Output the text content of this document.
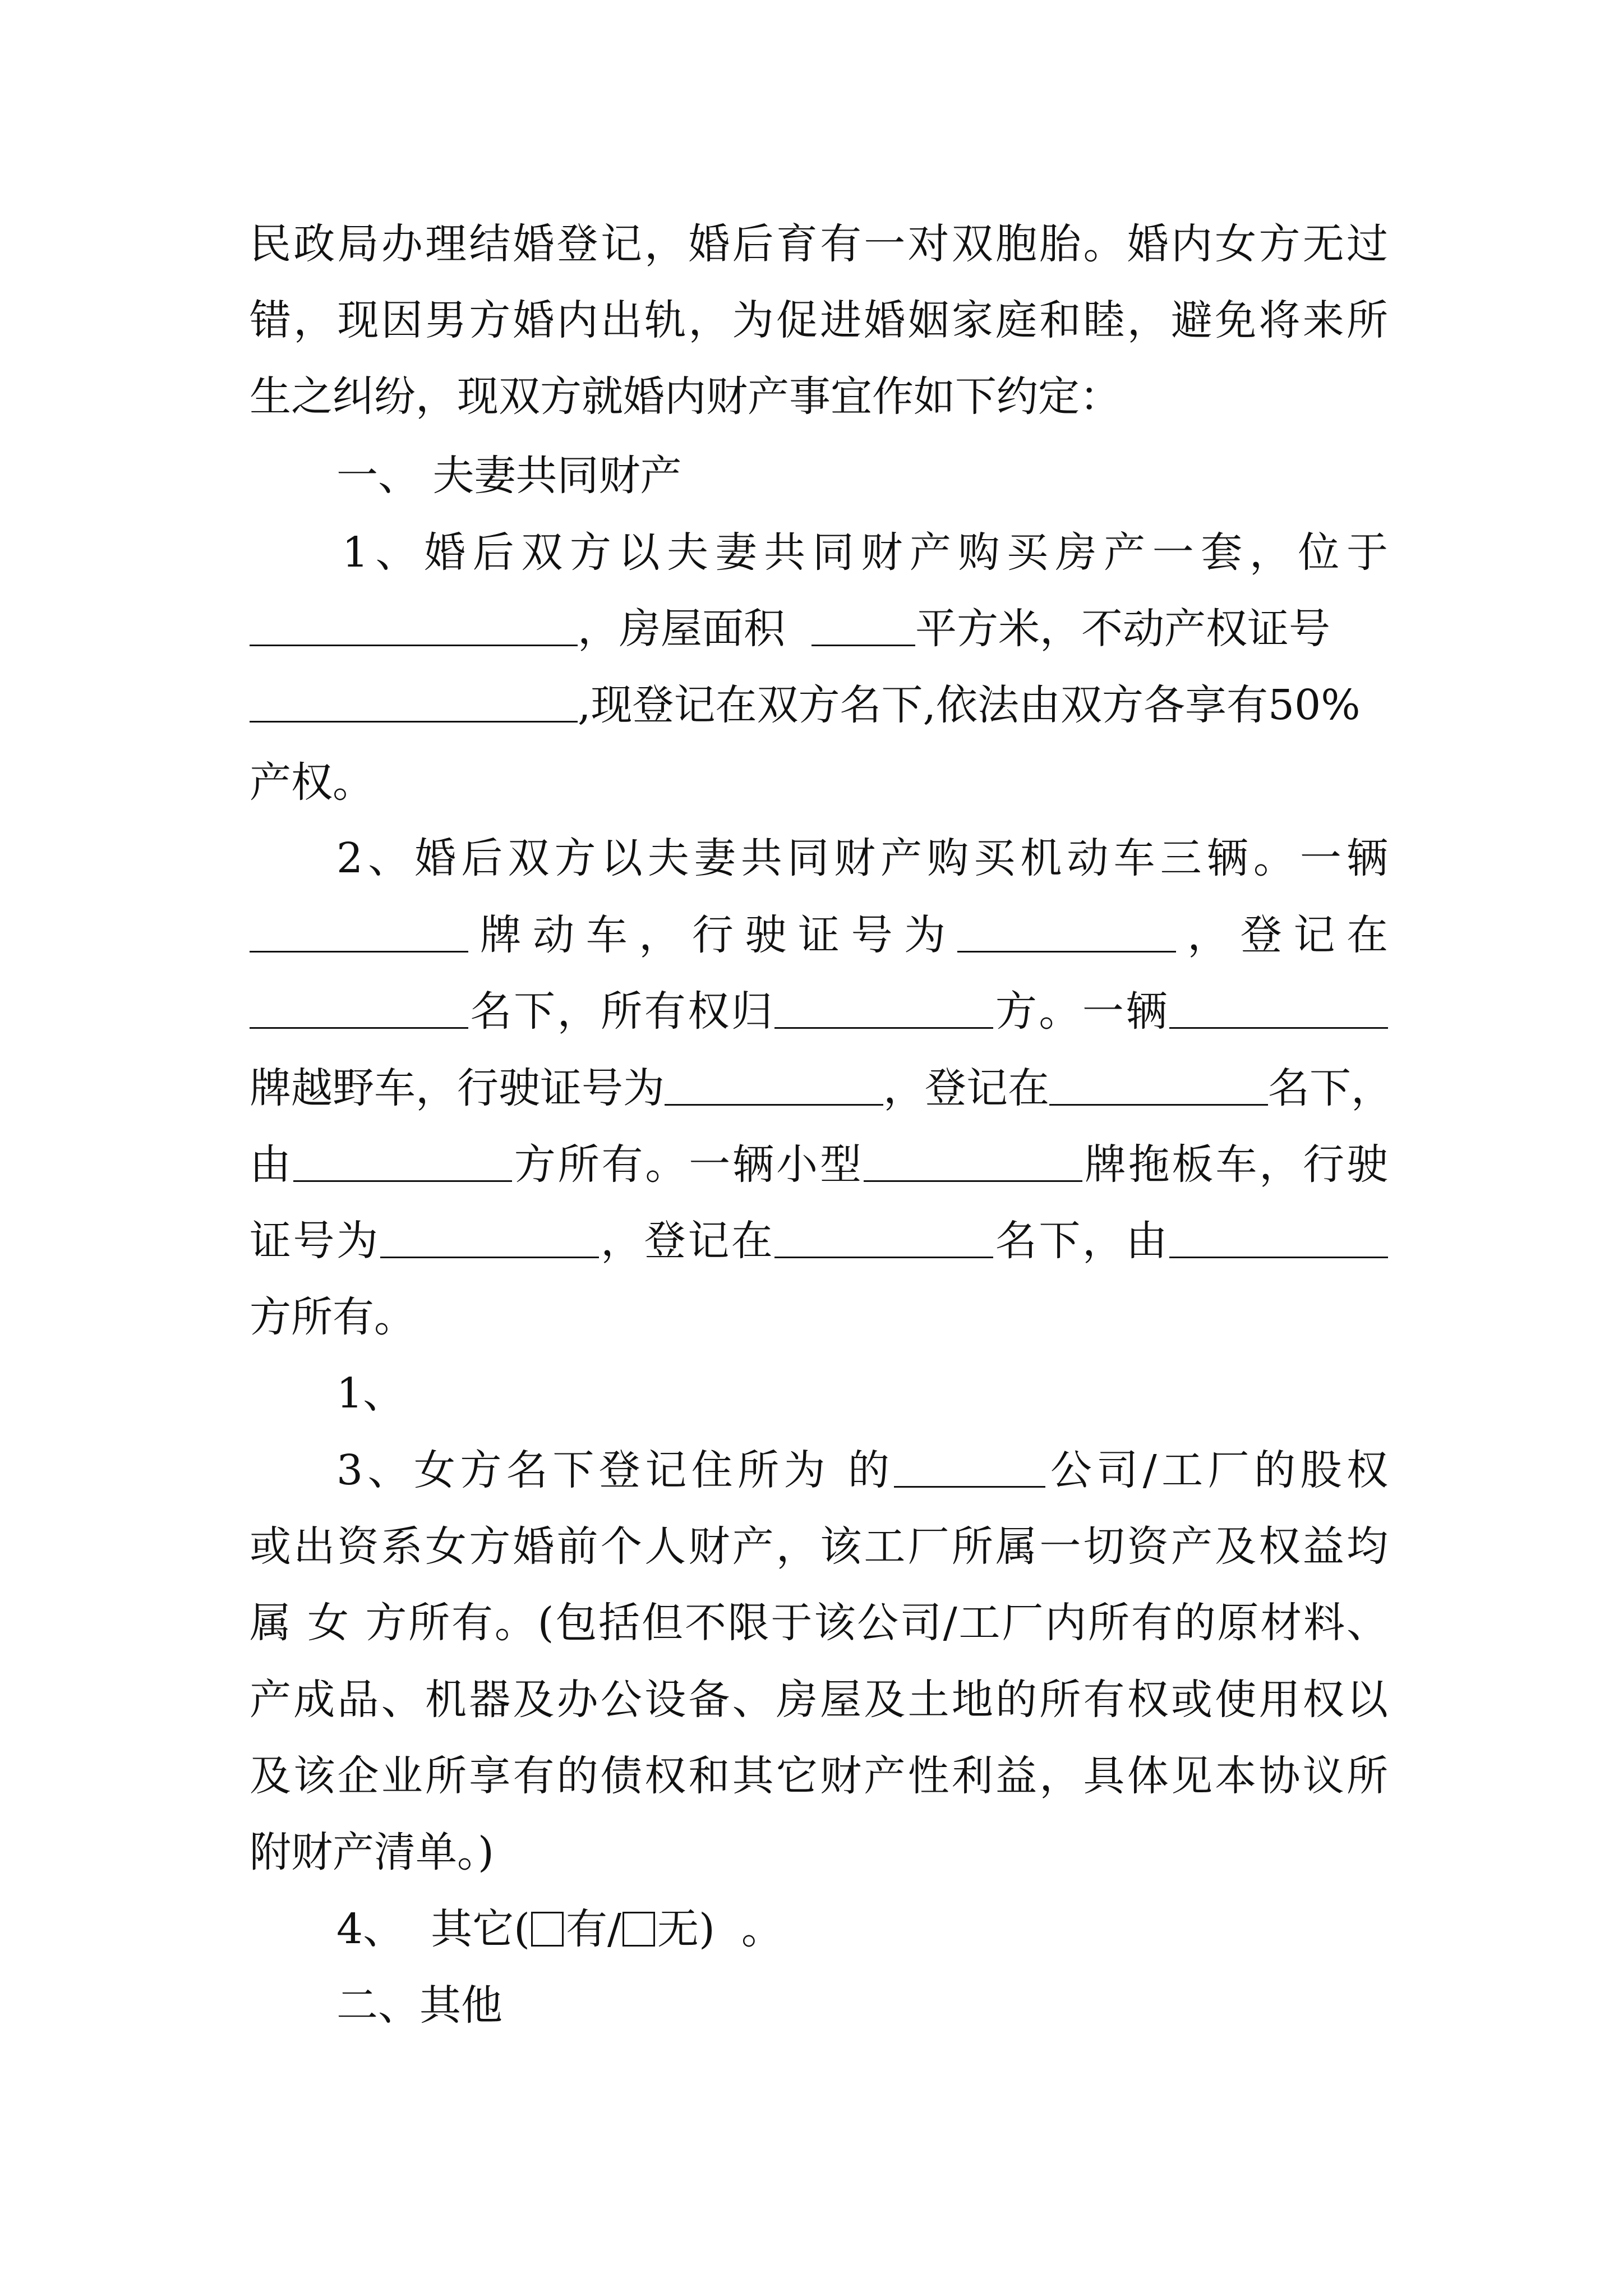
民政局办理结婚登记，婚后育有一对双胞胎。婚内女方无过
错，现因男方婚内出轨，为促进婚姻家庭和睦，避免将来所
生之纠纷，现双方就婚内财产事宜作如下约定：
一、 夫妻共同财产
1、婚后双方以夫妻共同财产购买房产一套，位于
，房屋面积	平方米，不动产权证号
,现登记在双方名下,依法由双方各享有50%
产权。
2、婚后双方以夫妻共同财产购买机动车三辆。一辆
牌动车，行驶证号为	，登记在
名下，所有权归	方。一辆
牌越野车，行驶证号为	，登记在	名下，
由	方所有。一辆小型	牌拖板车，行驶
证号为	，登记在	名下，由
方所有。
1、
3、女方名下登记住所为 的	公司/工厂的股权
或出资系女方婚前个人财产，该工厂所属一切资产及权益均
属 女 方所有。(包括但不限于该公司/工厂内所有的原材料、
产成品、机器及办公设备、房屋及土地的所有权或使用权以
及该企业所享有的债权和其它财产性利益，具体见本协议所
附财产清单。)
4、 其它( 有/ 无) 。
二、其他
